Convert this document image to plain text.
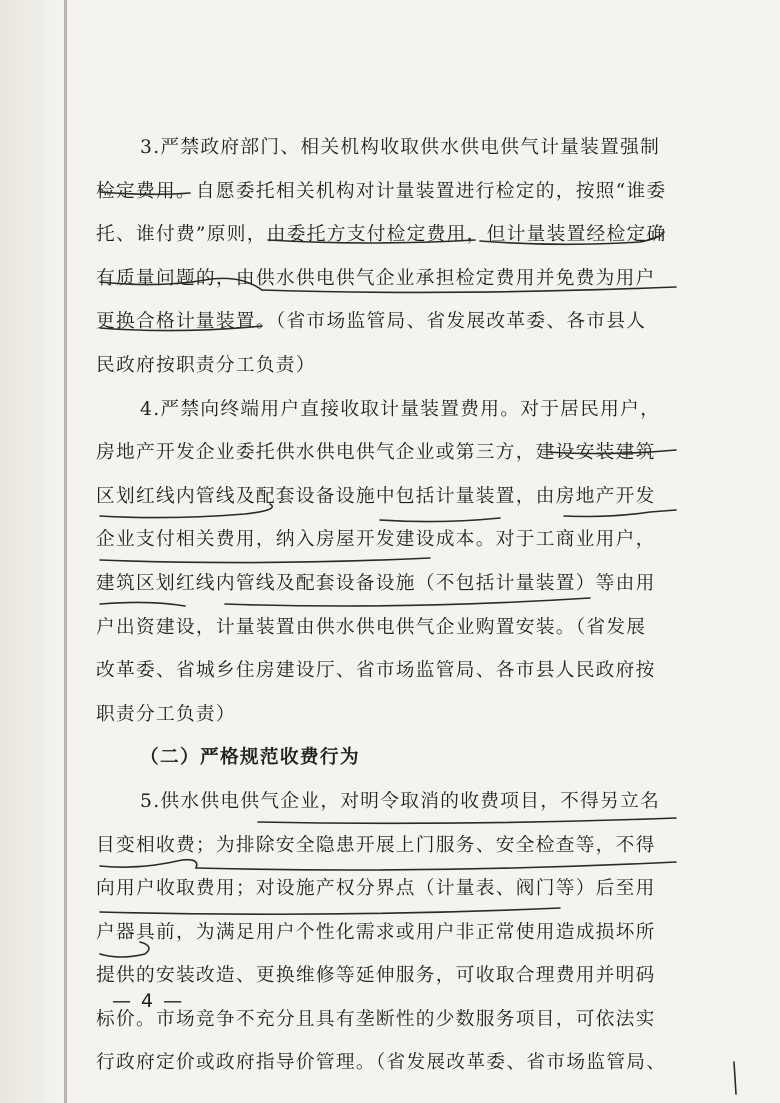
3.严禁政府部门、相关机构收取供水供电供气计量装置强制
检定费用。自愿委托相关机构对计量装置进行检定的，按照“谁委
托、谁付费”原则，由委托方支付检定费用，但计量装置经检定确
有质量问题的，由供水供电供气企业承担检定费用并免费为用户
更换合格计量装置。（省市场监管局、省发展改革委、各市县人
民政府按职责分工负责）
4.严禁向终端用户直接收取计量装置费用。对于居民用户，
房地产开发企业委托供水供电供气企业或第三方，建设安装建筑
区划红线内管线及配套设备设施中包括计量装置，由房地产开发
企业支付相关费用，纳入房屋开发建设成本。对于工商业用户，
建筑区划红线内管线及配套设备设施（不包括计量装置）等由用
户出资建设，计量装置由供水供电供气企业购置安装。（省发展
改革委、省城乡住房建设厅、省市场监管局、各市县人民政府按
职责分工负责）
（二）严格规范收费行为
5.供水供电供气企业，对明令取消的收费项目，不得另立名
目变相收费；为排除安全隐患开展上门服务、安全检查等，不得
向用户收取费用；对设施产权分界点（计量表、阀门等）后至用
户器具前，为满足用户个性化需求或用户非正常使用造成损坏所
提供的安装改造、更换维修等延伸服务，可收取合理费用并明码
标价。市场竞争不充分且具有垄断性的少数服务项目，可依法实
行政府定价或政府指导价管理。（省发展改革委、省市场监管局、
— 4 —
